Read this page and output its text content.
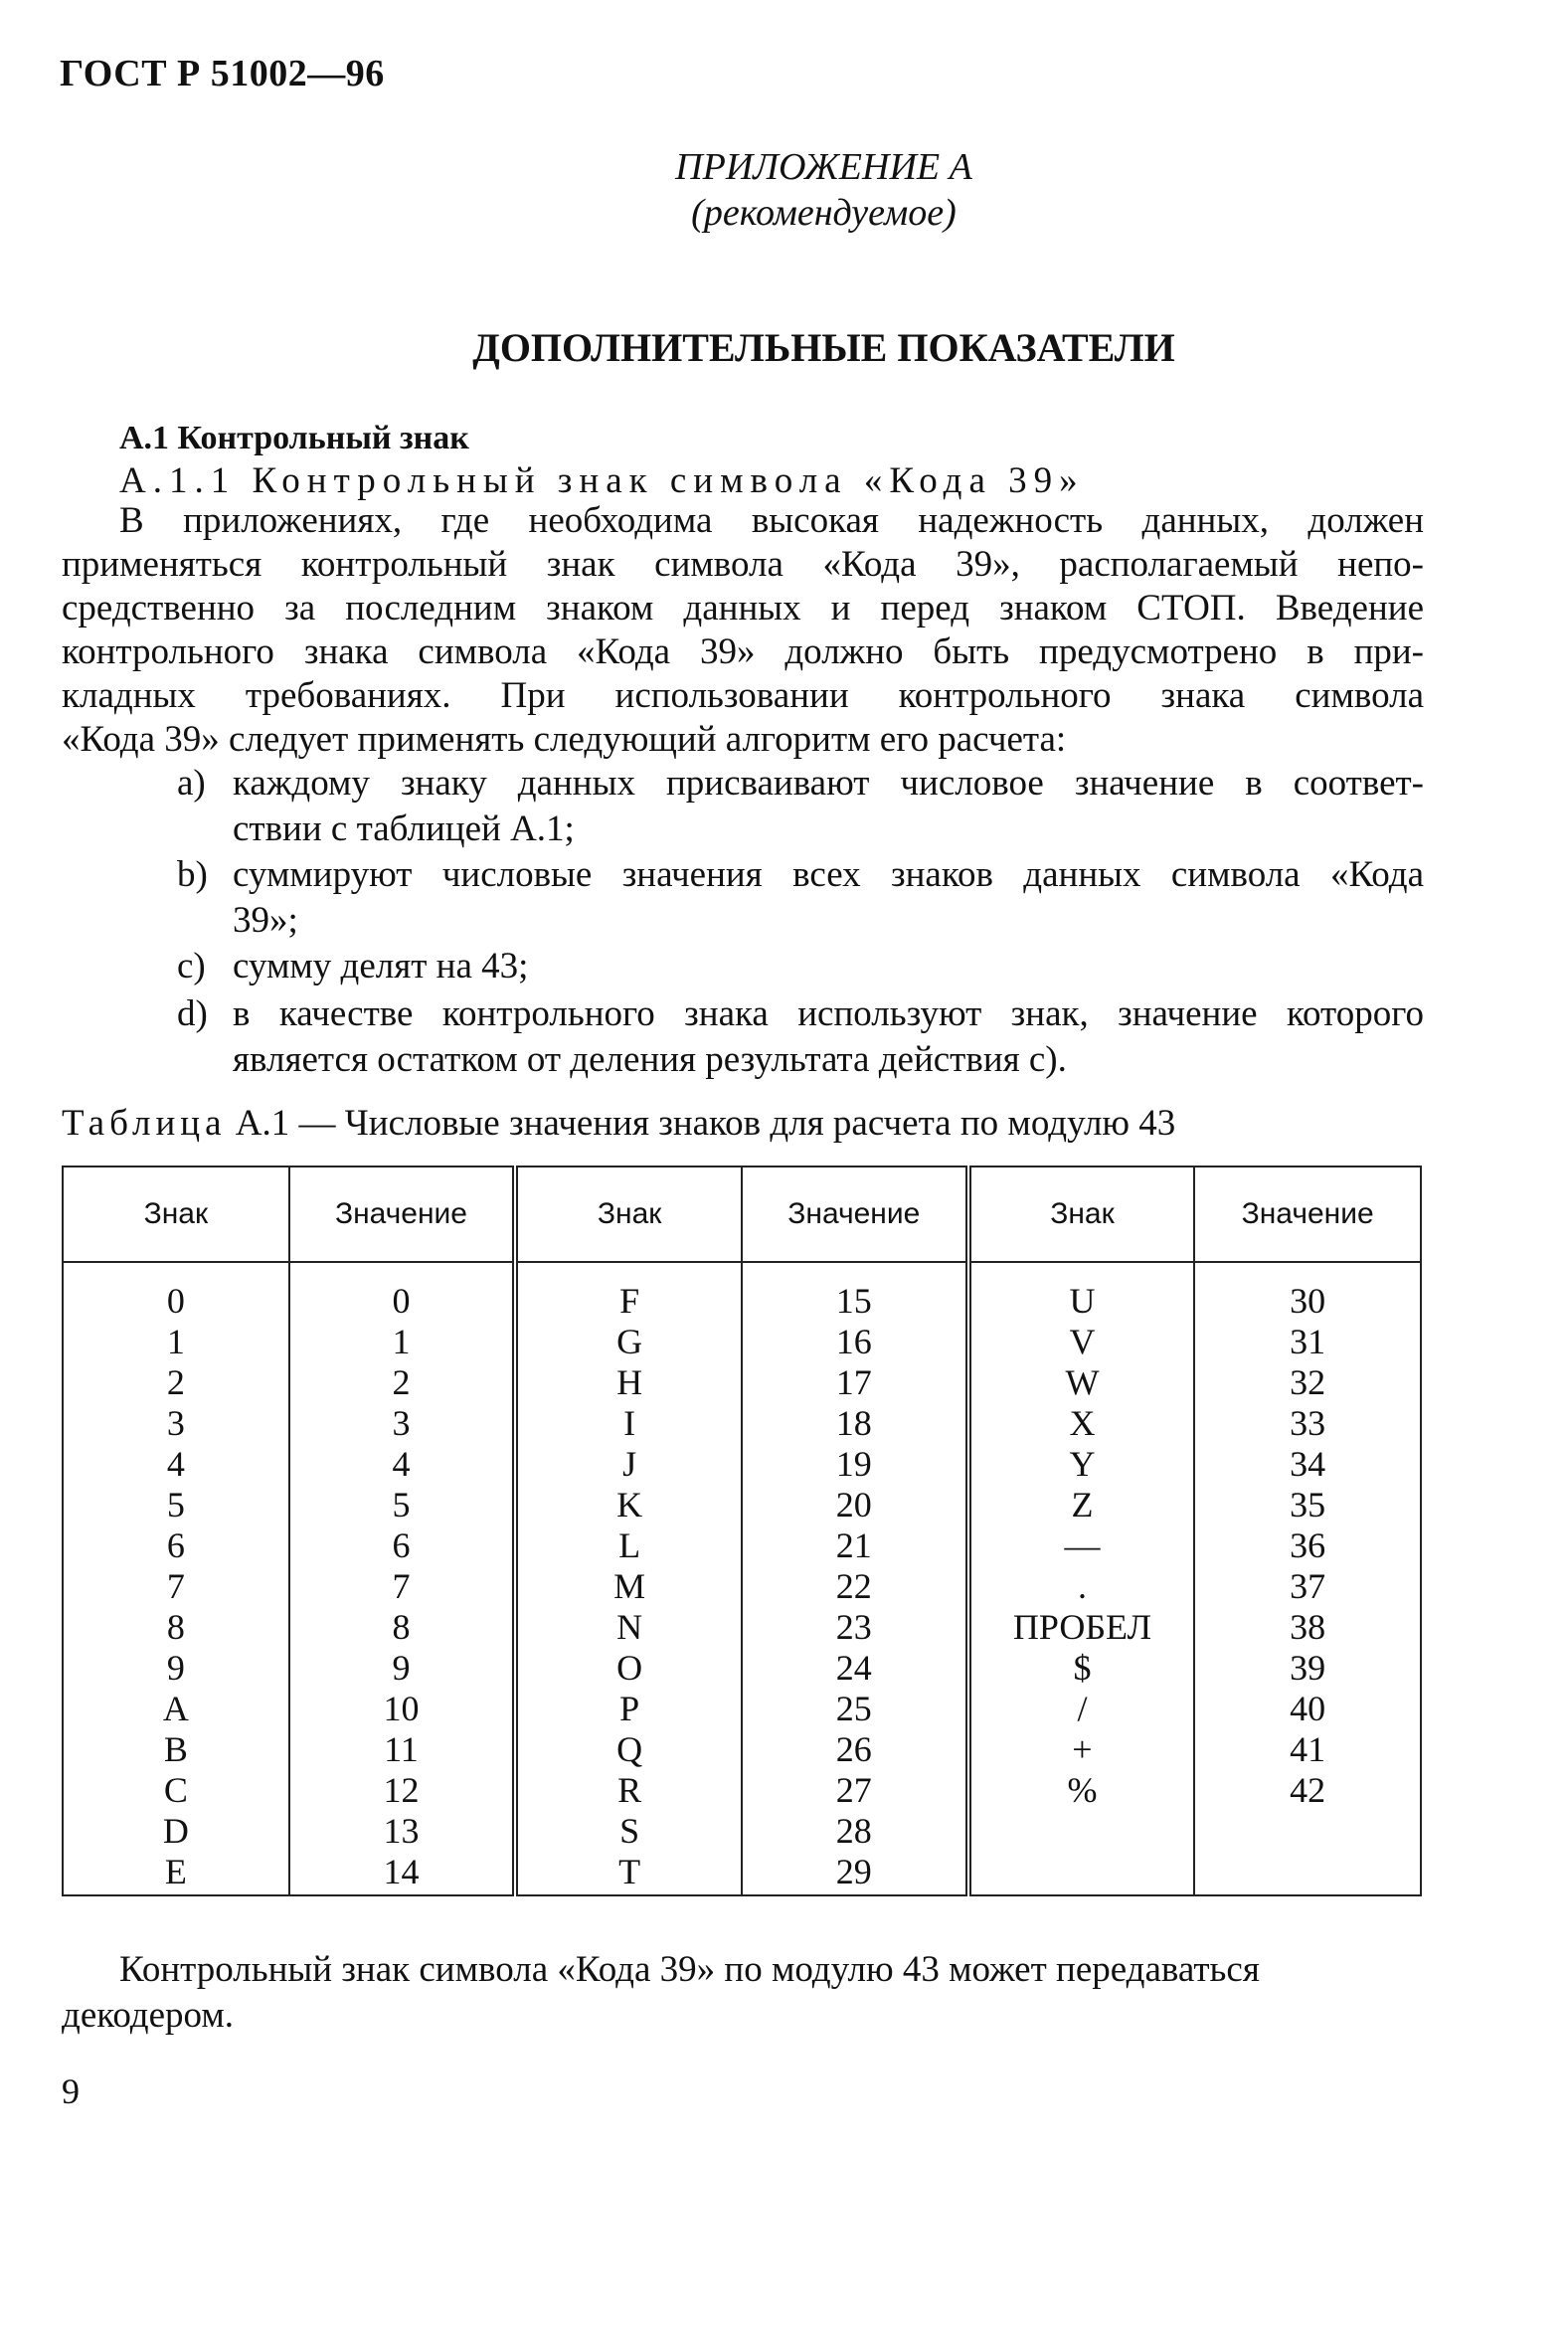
ГОСТ Р 51002—96
ПРИЛОЖЕНИЕ А
(рекомендуемое)
ДОПОЛНИТЕЛЬНЫЕ ПОКАЗАТЕЛИ
А.1 Контрольный знак
А.1.1 Контрольный знак символа «Кода 39»
В приложениях, где необходима высокая надежность данных, должен
применяться контрольный знак символа «Кода 39», располагаемый непо-
средственно за последним знаком данных и перед знаком СТОП. Введение
контрольного знака символа «Кода 39» должно быть предусмотрено в при-
кладных требованиях. При использовании контрольного знака символа
«Кода 39» следует применять следующий алгоритм его расчета:
a) каждому знаку данных присваивают числовое значение в соответ-
ствии с таблицей А.1;
b) суммируют числовые значения всех знаков данных символа «Кода
39»;
c) сумму делят на 43;
d) в качестве контрольного знака используют знак, значение которого
является остатком от деления результата действия c).
Таблица А.1 — Числовые значения знаков для расчета по модулю 43
Знак	Значение	Знак	Значение	Знак	Значение
0	0	F	15	U	30
1	1	G	16	V	31
2	2	H	17	W	32
3	3	I	18	X	33
4	4	J	19	Y	34
5	5	K	20	Z	35
6	6	L	21	—	36
7	7	M	22	.	37
8	8	N	23	ПРОБЕЛ	38
9	9	O	24	$	39
A	10	P	25	/	40
B	11	Q	26	+	41
C	12	R	27	%	42
D	13	S	28		
E	14	T	29		
Контрольный знак символа «Кода 39» по модулю 43 может передаваться декодером.
9
